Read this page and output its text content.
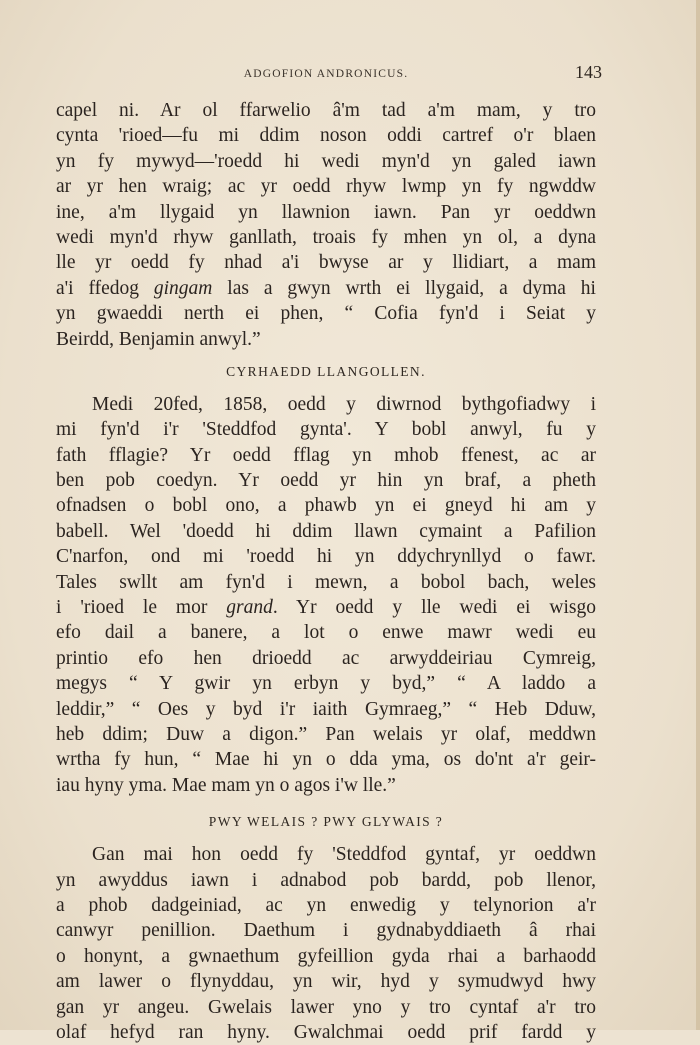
ADGOFION ANDRONICUS.	143
capel ni. Ar ol ffarwelio â'm tad a'm mam, y tro
cynta 'rioed—fu mi ddim noson oddi cartref o'r blaen
yn fy mywyd—'roedd hi wedi myn'd yn galed iawn
ar yr hen wraig; ac yr oedd rhyw lwmp yn fy ngwddw
ine, a'm llygaid yn llawnion iawn. Pan yr oeddwn
wedi myn'd rhyw ganllath, troais fy mhen yn ol, a dyna
lle yr oedd fy nhad a'i bwyse ar y llidiart, a mam
a'i ffedog gingam las a gwyn wrth ei llygaid, a dyma hi
yn gwaeddi nerth ei phen, “ Cofia fyn'd i Seiat y
Beirdd, Benjamin anwyl.”
CYRHAEDD LLANGOLLEN.
Medi 20fed, 1858, oedd y diwrnod bythgofiadwy i
mi fyn'd i'r 'Steddfod gynta'. Y bobl anwyl, fu y
fath fflagie? Yr oedd fflag yn mhob ffenest, ac ar
ben pob coedyn. Yr oedd yr hin yn braf, a pheth
ofnadsen o bobl ono, a phawb yn ei gneyd hi am y
babell. Wel 'doedd hi ddim llawn cymaint a Pafilion
C'narfon, ond mi 'roedd hi yn ddychrynllyd o fawr.
Tales swllt am fyn'd i mewn, a bobol bach, weles
i 'rioed le mor grand. Yr oedd y lle wedi ei wisgo
efo dail a banere, a lot o enwe mawr wedi eu
printio efo hen drioedd ac arwyddeiriau Cymreig,
megys “ Y gwir yn erbyn y byd,” “ A laddo a
leddir,” “ Oes y byd i'r iaith Gymraeg,” “ Heb Dduw,
heb ddim; Duw a digon.” Pan welais yr olaf, meddwn
wrtha fy hun, “ Mae hi yn o dda yma, os do'nt a'r geir-
iau hyny yma. Mae mam yn o agos i'w lle.”
PWY WELAIS ? PWY GLYWAIS ?
Gan mai hon oedd fy 'Steddfod gyntaf, yr oeddwn
yn awyddus iawn i adnabod pob bardd, pob llenor,
a phob dadgeiniad, ac yn enwedig y telynorion a'r
canwyr penillion. Daethum i gydnabyddiaeth â rhai
o honynt, a gwnaethum gyfeillion gyda rhai a barhaodd
am lawer o flynyddau, yn wir, hyd y symudwyd hwy
gan yr angeu. Gwelais lawer yno y tro cyntaf a'r tro
olaf hefyd ran hyny. Gwalchmai oedd prif fardd y
